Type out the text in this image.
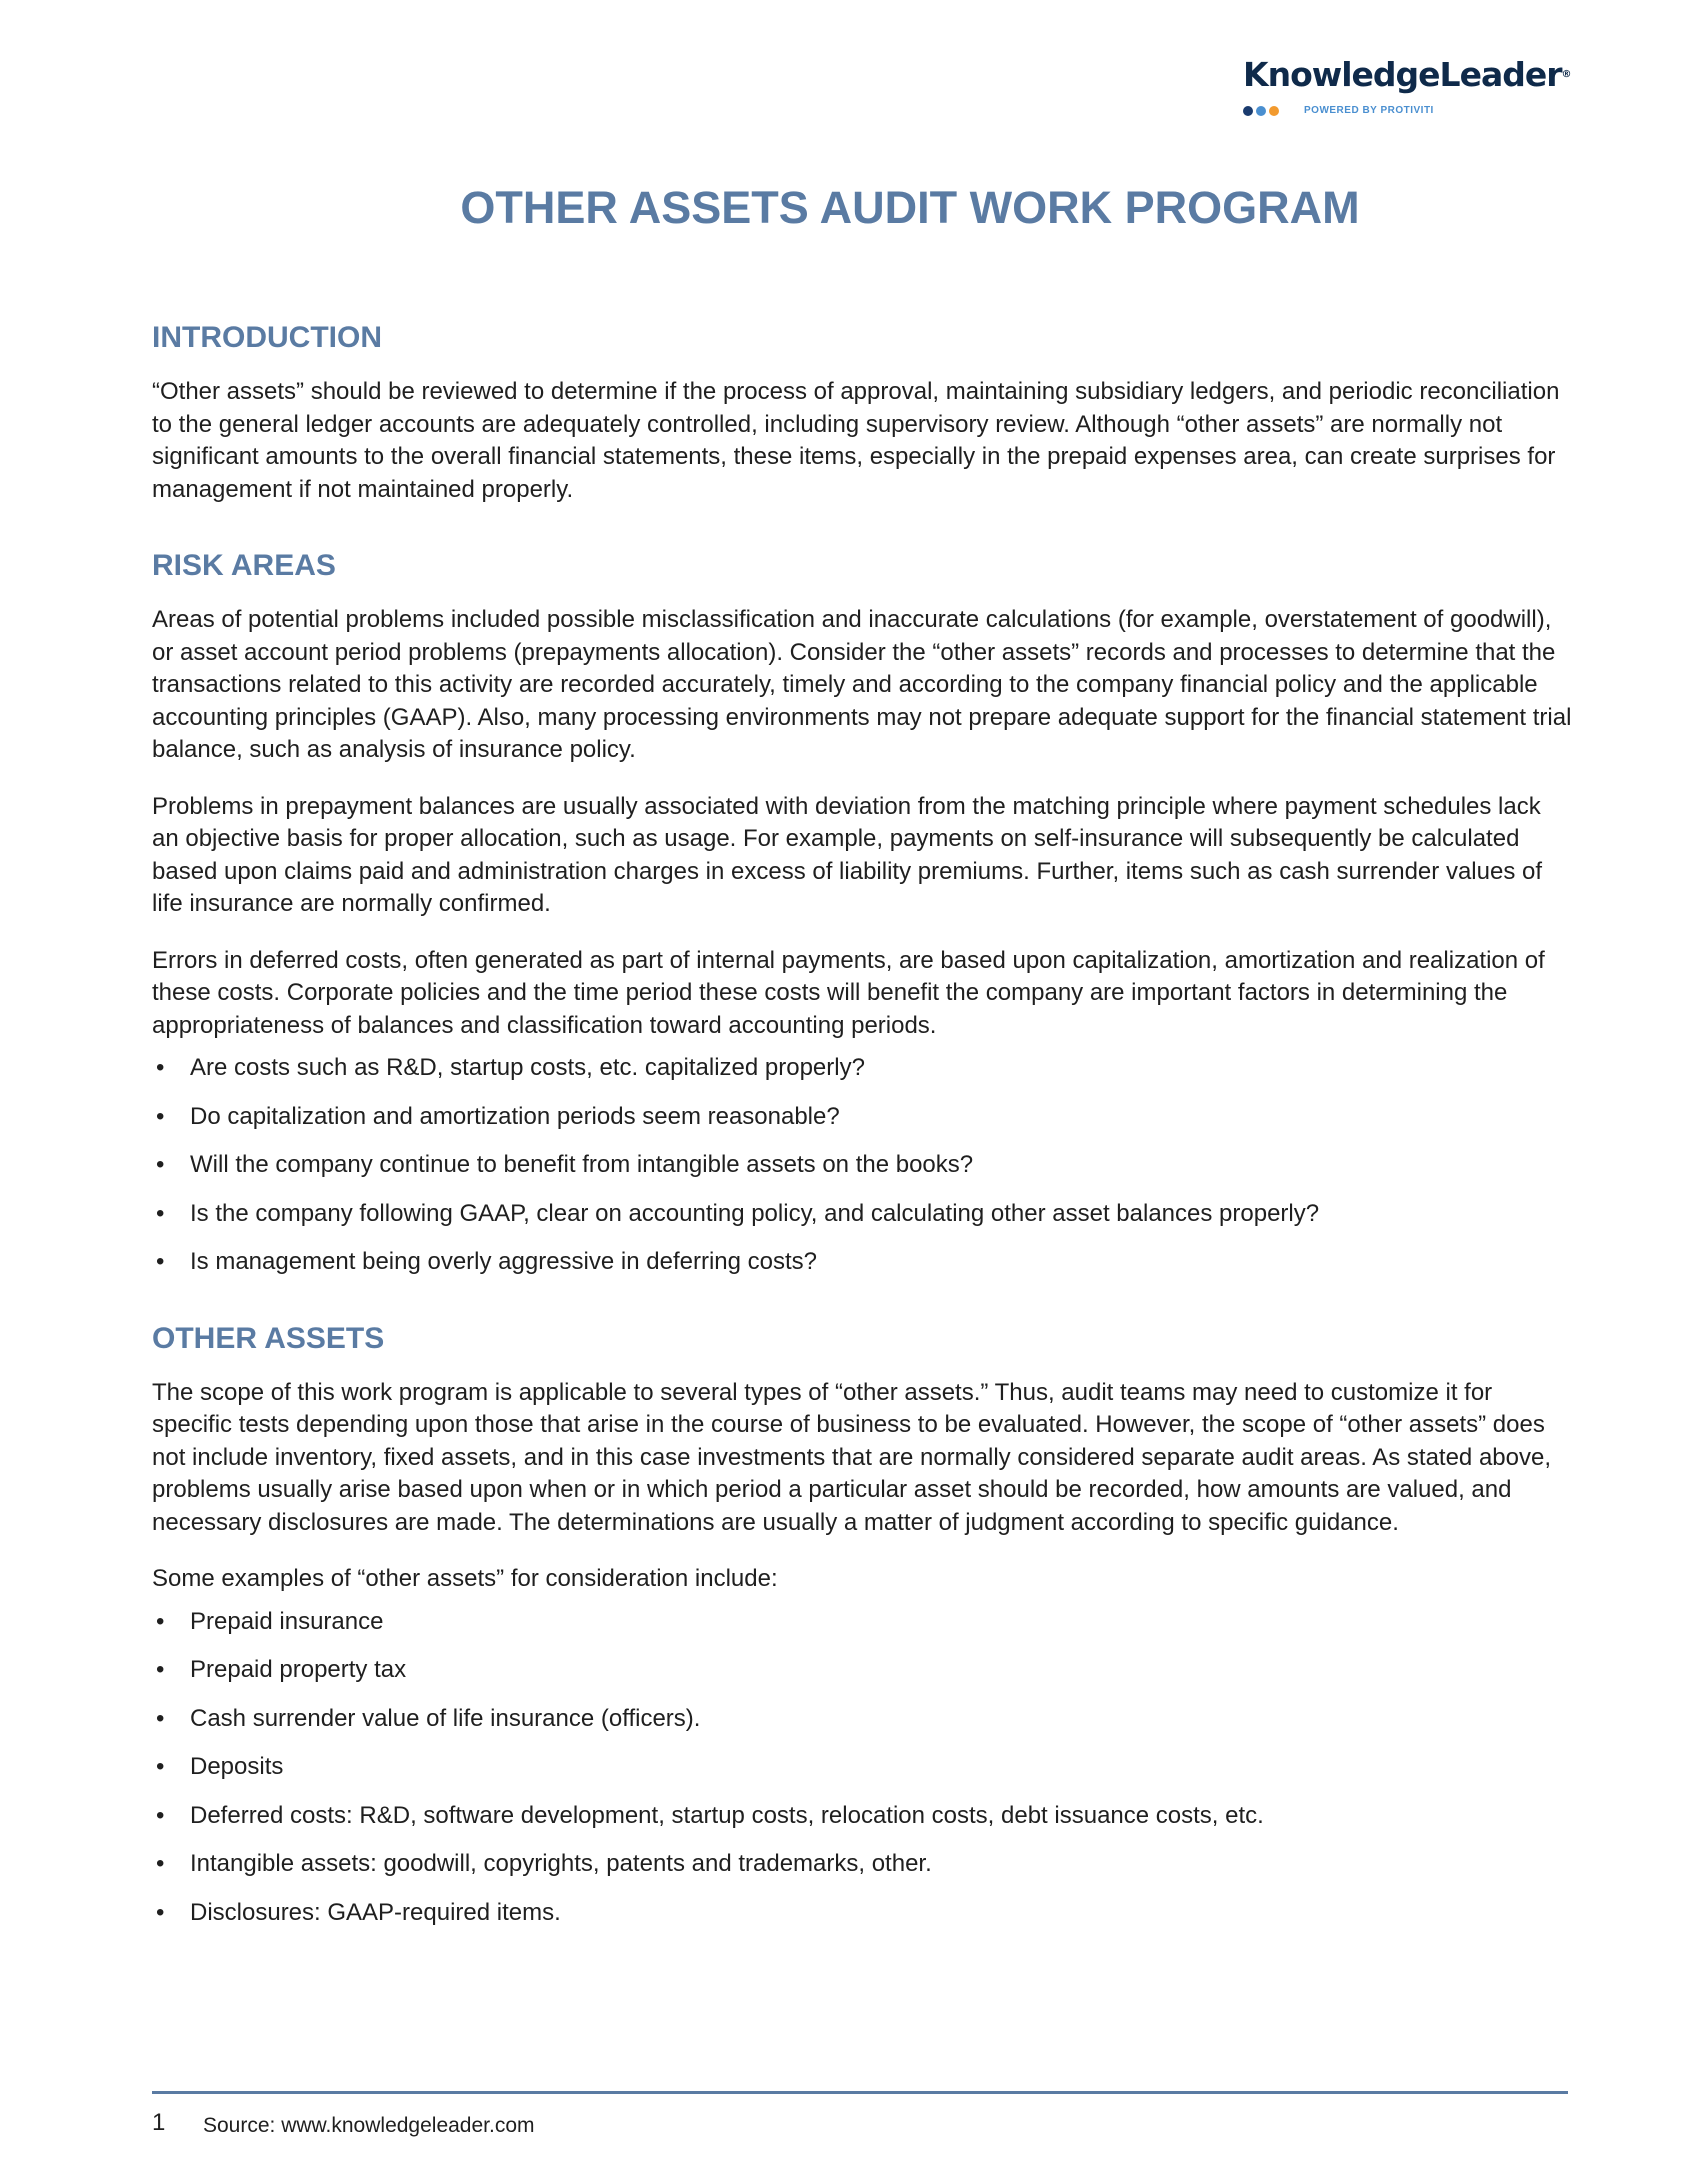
KnowledgeLeader®
POWERED BY PROTIVITI
OTHER ASSETS AUDIT WORK PROGRAM
INTRODUCTION

“Other assets” should be reviewed to determine if the process of approval, maintaining subsidiary ledgers, and periodic reconciliation to the general ledger accounts are adequately controlled, including supervisory review. Although “other assets” are normally not significant amounts to the overall financial statements, these items, especially in the prepaid expenses area, can create surprises for management if not maintained properly.

RISK AREAS

Areas of potential problems included possible misclassification and inaccurate calculations (for example, overstatement of goodwill), or asset account period problems (prepayments allocation). Consider the “other assets” records and processes to determine that the transactions related to this activity are recorded accurately, timely and according to the company financial policy and the applicable accounting principles (GAAP). Also, many processing environments may not prepare adequate support for the financial statement trial balance, such as analysis of insurance policy.

Problems in prepayment balances are usually associated with deviation from the matching principle where payment schedules lack an objective basis for proper allocation, such as usage. For example, payments on self-insurance will subsequently be calculated based upon claims paid and administration charges in excess of liability premiums. Further, items such as cash surrender values of life insurance are normally confirmed.

Errors in deferred costs, often generated as part of internal payments, are based upon capitalization, amortization and realization of these costs. Corporate policies and the time period these costs will benefit the company are important factors in determining the appropriateness of balances and classification toward accounting periods.

• Are costs such as R&D, startup costs, etc. capitalized properly?
• Do capitalization and amortization periods seem reasonable?
• Will the company continue to benefit from intangible assets on the books?
• Is the company following GAAP, clear on accounting policy, and calculating other asset balances properly?
• Is management being overly aggressive in deferring costs?
OTHER ASSETS

The scope of this work program is applicable to several types of “other assets.” Thus, audit teams may need to customize it for specific tests depending upon those that arise in the course of business to be evaluated. However, the scope of “other assets” does not include inventory, fixed assets, and in this case investments that are normally considered separate audit areas. As stated above, problems usually arise based upon when or in which period a particular asset should be recorded, how amounts are valued, and necessary disclosures are made. The determinations are usually a matter of judgment according to specific guidance.

Some examples of “other assets” for consideration include:

• Prepaid insurance
• Prepaid property tax
• Cash surrender value of life insurance (officers).
• Deposits
• Deferred costs: R&D, software development, startup costs, relocation costs, debt issuance costs, etc.
• Intangible assets: goodwill, copyrights, patents and trademarks, other.
• Disclosures: GAAP-required items.
1 Source: www.knowledgeleader.com
